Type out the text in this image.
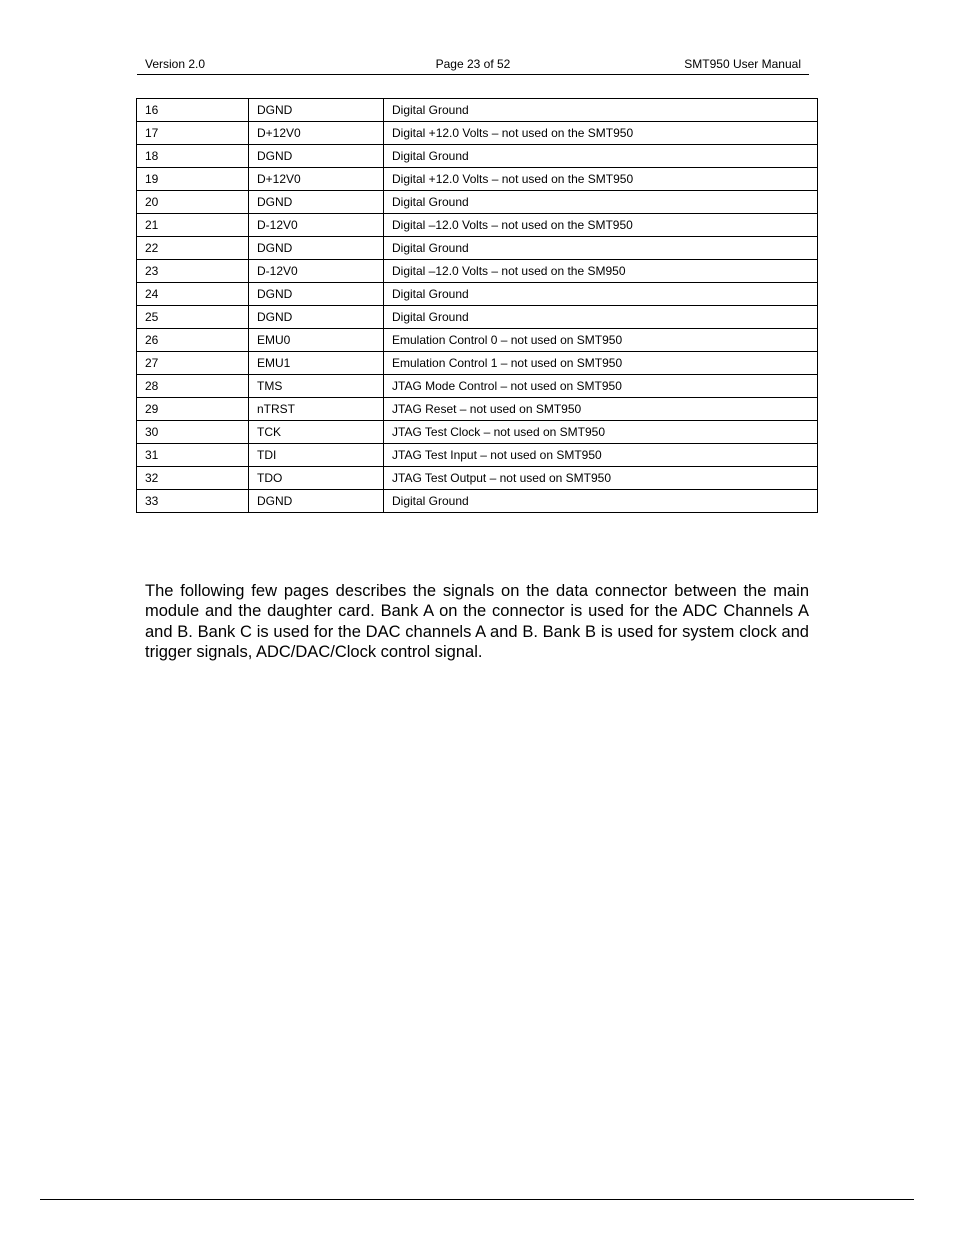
Version 2.0	Page 23 of 52	SMT950 User Manual
16	DGND	Digital Ground
17	D+12V0	Digital +12.0 Volts – not used on the SMT950
18	DGND	Digital Ground
19	D+12V0	Digital +12.0 Volts – not used on the SMT950
20	DGND	Digital Ground
21	D-12V0	Digital –12.0 Volts – not used on the SMT950
22	DGND	Digital Ground
23	D-12V0	Digital –12.0 Volts – not used on the SM950
24	DGND	Digital Ground
25	DGND	Digital Ground
26	EMU0	Emulation Control 0 – not used on SMT950
27	EMU1	Emulation Control 1 – not used on SMT950
28	TMS	JTAG Mode Control – not used on SMT950
29	nTRST	JTAG Reset – not used on SMT950
30	TCK	JTAG Test Clock – not used on SMT950
31	TDI	JTAG Test Input – not used on SMT950
32	TDO	JTAG Test Output – not used on SMT950
33	DGND	Digital Ground

The following few pages describes the signals on the data connector between the main module and the daughter card. Bank A on the connector is used for the ADC Channels A and B. Bank C is used for the DAC channels A and B. Bank B is used for system clock and trigger signals, ADC/DAC/Clock control signal.
